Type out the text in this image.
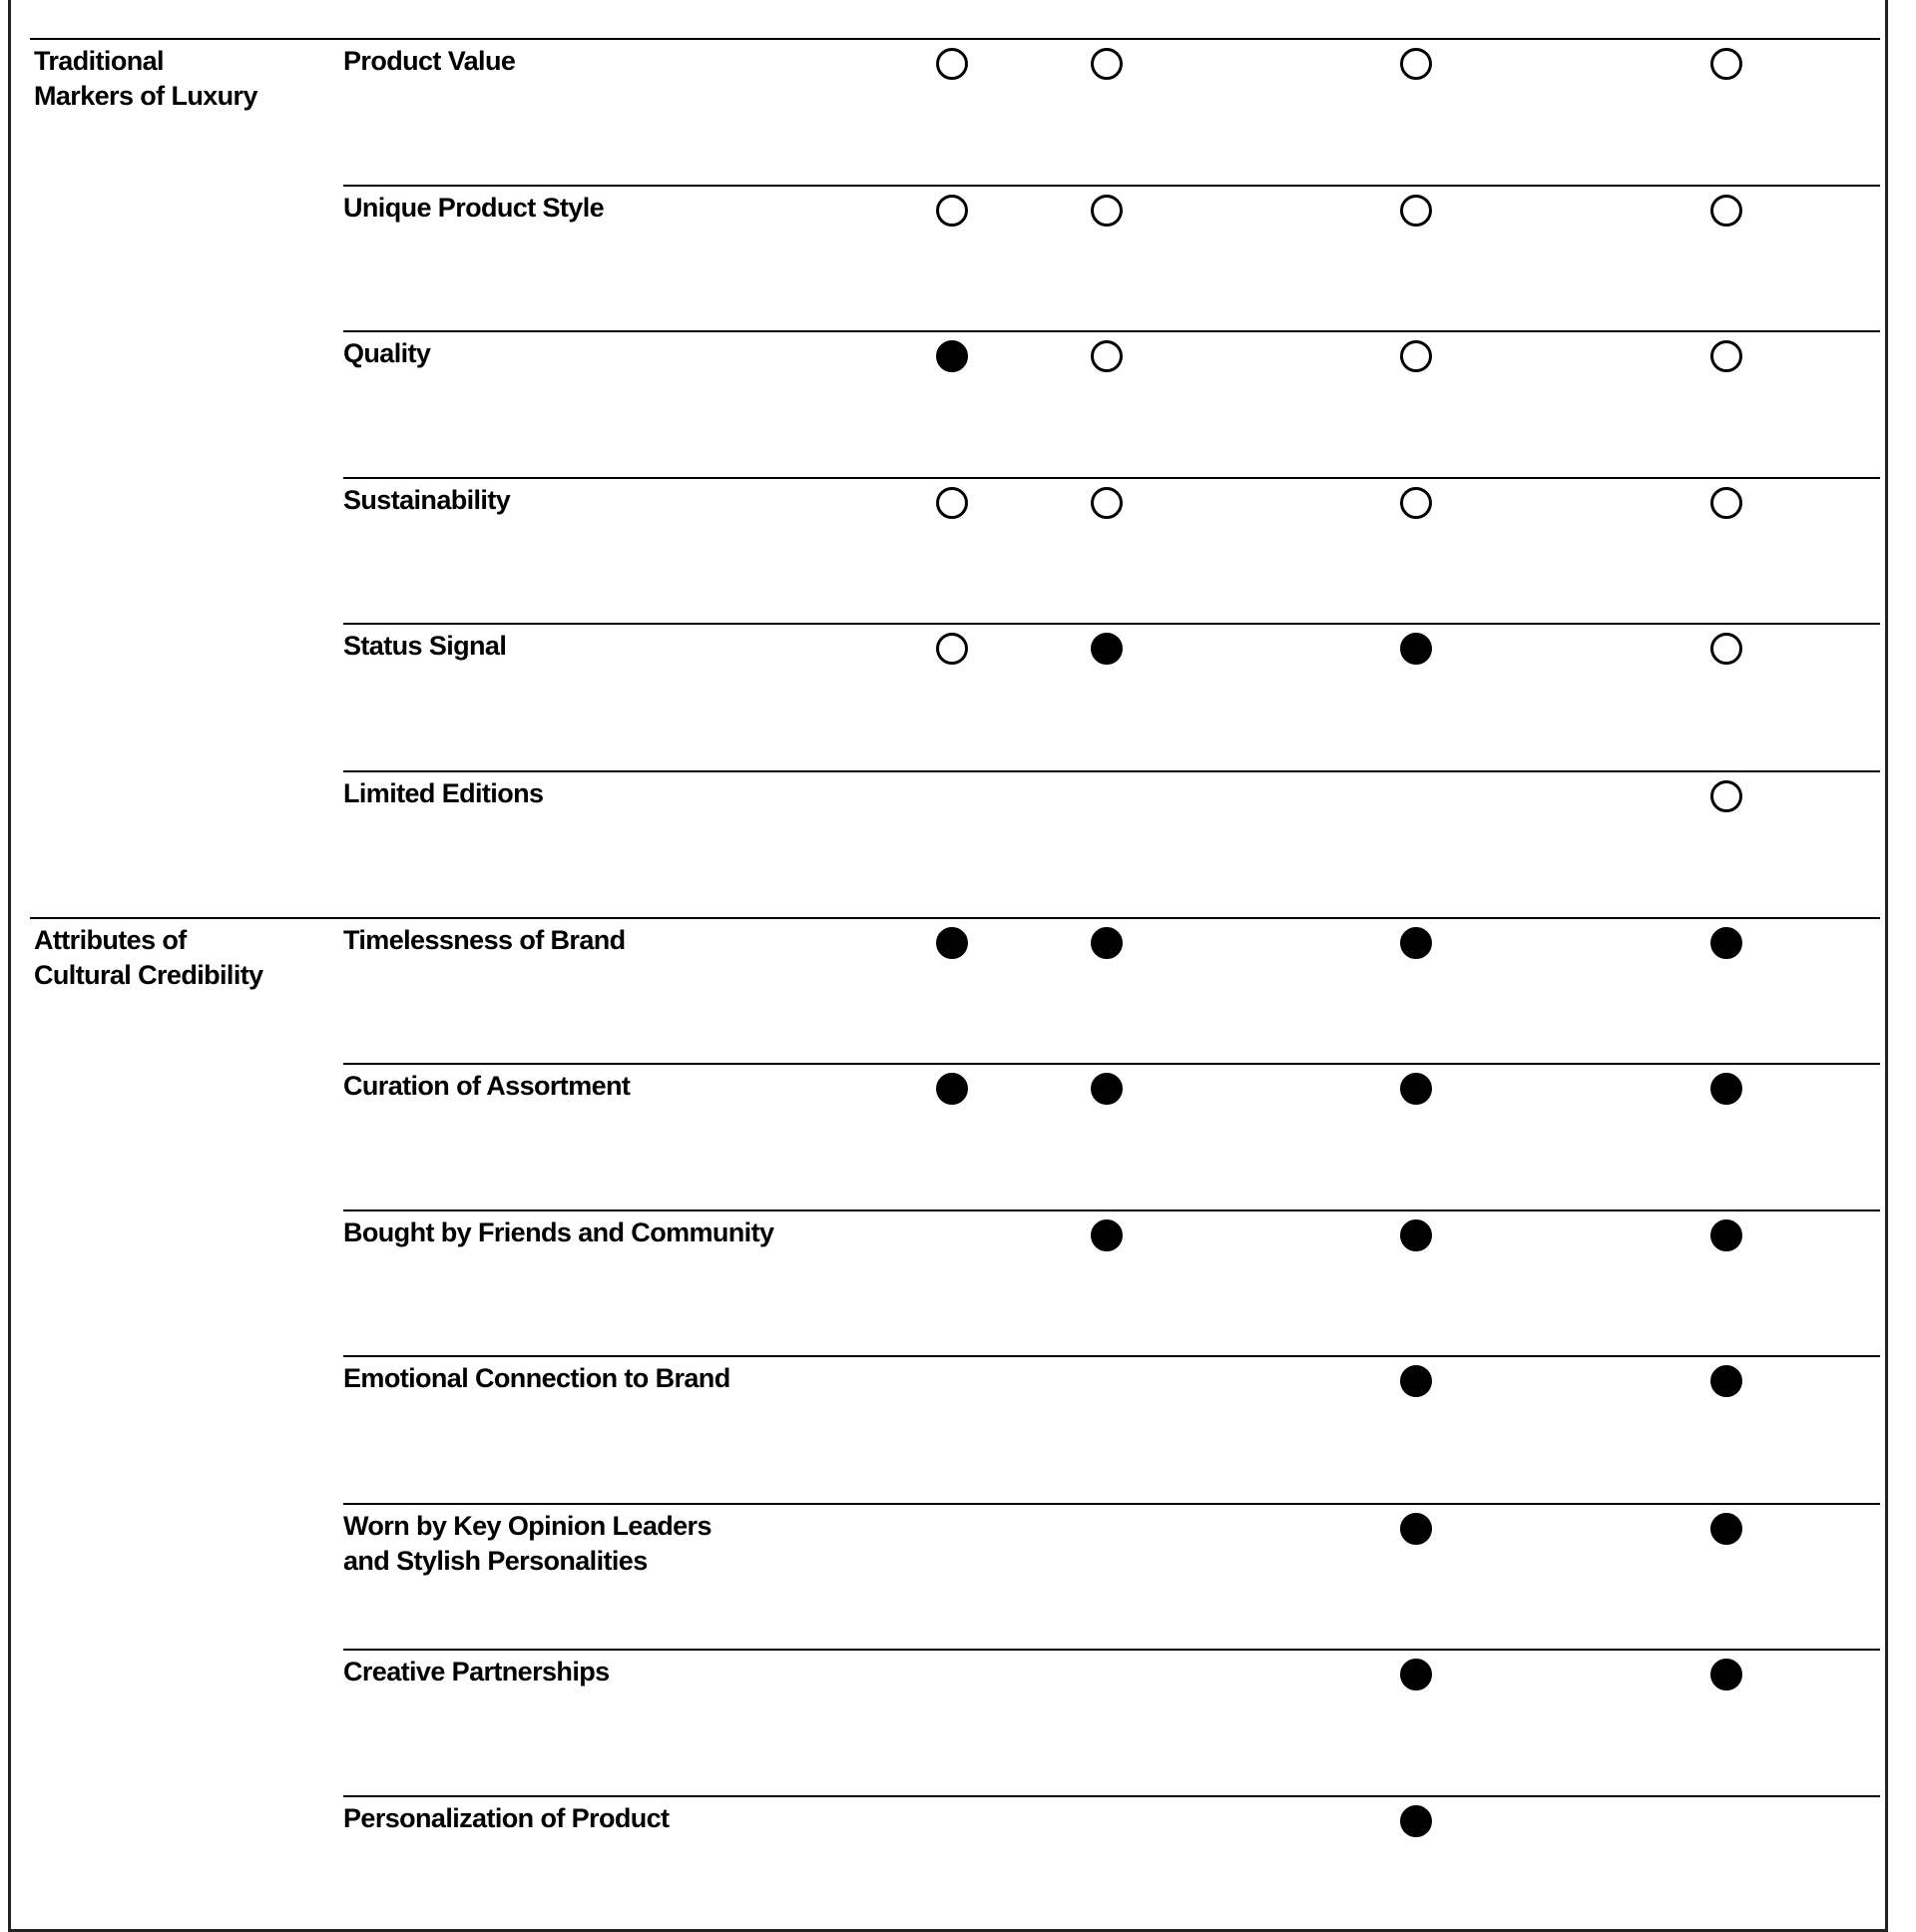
Traditional
Markers of Luxury
Product Value
Unique Product Style
Quality
Sustainability
Status Signal
Limited Editions
Attributes of
Cultural Credibility
Timelessness of Brand
Curation of Assortment
Bought by Friends and Community
Emotional Connection to Brand
Worn by Key Opinion Leaders
and Stylish Personalities
Creative Partnerships
Personalization of Product
